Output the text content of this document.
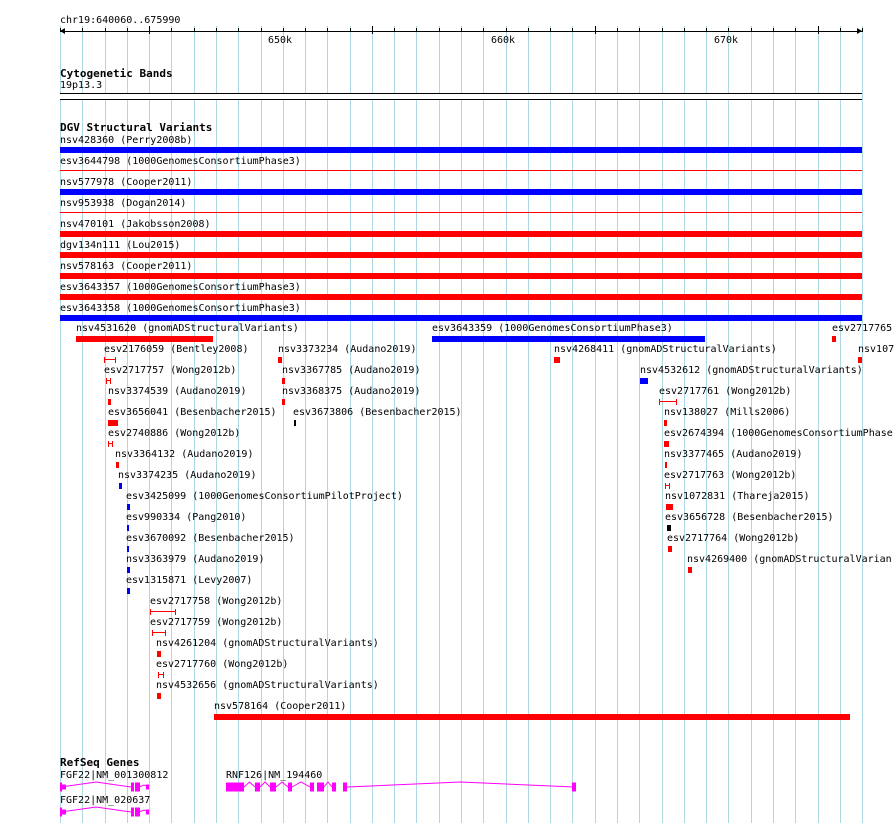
chr19:640060..675990
650k	660k	670k
Cytogenetic Bands
19p13.3
DGV Structural Variants
nsv428360 (Perry2008b)
esv3644798 (1000GenomesConsortiumPhase3)
nsv577978 (Cooper2011)
nsv953938 (Dogan2014)
nsv470101 (Jakobsson2008)
dgv134n111 (Lou2015)
nsv578163 (Cooper2011)
esv3643357 (1000GenomesConsortiumPhase3)
esv3643358 (1000GenomesConsortiumPhase3)
nsv4531620 (gnomADStructuralVariants)	esv3643359 (1000GenomesConsortiumPhase3)	esv2717765
nsv107
esv2176059 (Bentley2008)	nsv3373234 (Audano2019)	nsv4268411 (gnomADStructuralVariants)
esv2717757 (Wong2012b)	nsv3367785 (Audano2019)	nsv4532612 (gnomADStructuralVariants)
nsv3374539 (Audano2019)	nsv3368375 (Audano2019)	esv2717761 (Wong2012b)
esv3656041 (Besenbacher2015) esv3673806 (Besenbacher2015)	nsv138027 (Mills2006)
esv2740886 (Wong2012b)	esv2674394 (1000GenomesConsortiumPhase
nsv3364132 (Audano2019)	nsv3377465 (Audano2019)
nsv3374235 (Audano2019)	esv2717763 (Wong2012b)
esv3425099 (1000GenomesConsortiumPilotProject)	nsv1072831 (Thareja2015)
esv990334 (Pang2010)	esv3656728 (Besenbacher2015)
esv3670092 (Besenbacher2015)	esv2717764 (Wong2012b)
nsv3363979 (Audano2019)	nsv4269400 (gnomADStructuralVarian
esv1315871 (Levy2007)
esv2717758 (Wong2012b)
esv2717759 (Wong2012b)
nsv4261204 (gnomADStructuralVariants)
esv2717760 (Wong2012b)
nsv4532656 (gnomADStructuralVariants)
nsv578164 (Cooper2011)
RefSeq Genes
FGF22|NM_001300812	RNF126|NM_194460
FGF22|NM_020637
